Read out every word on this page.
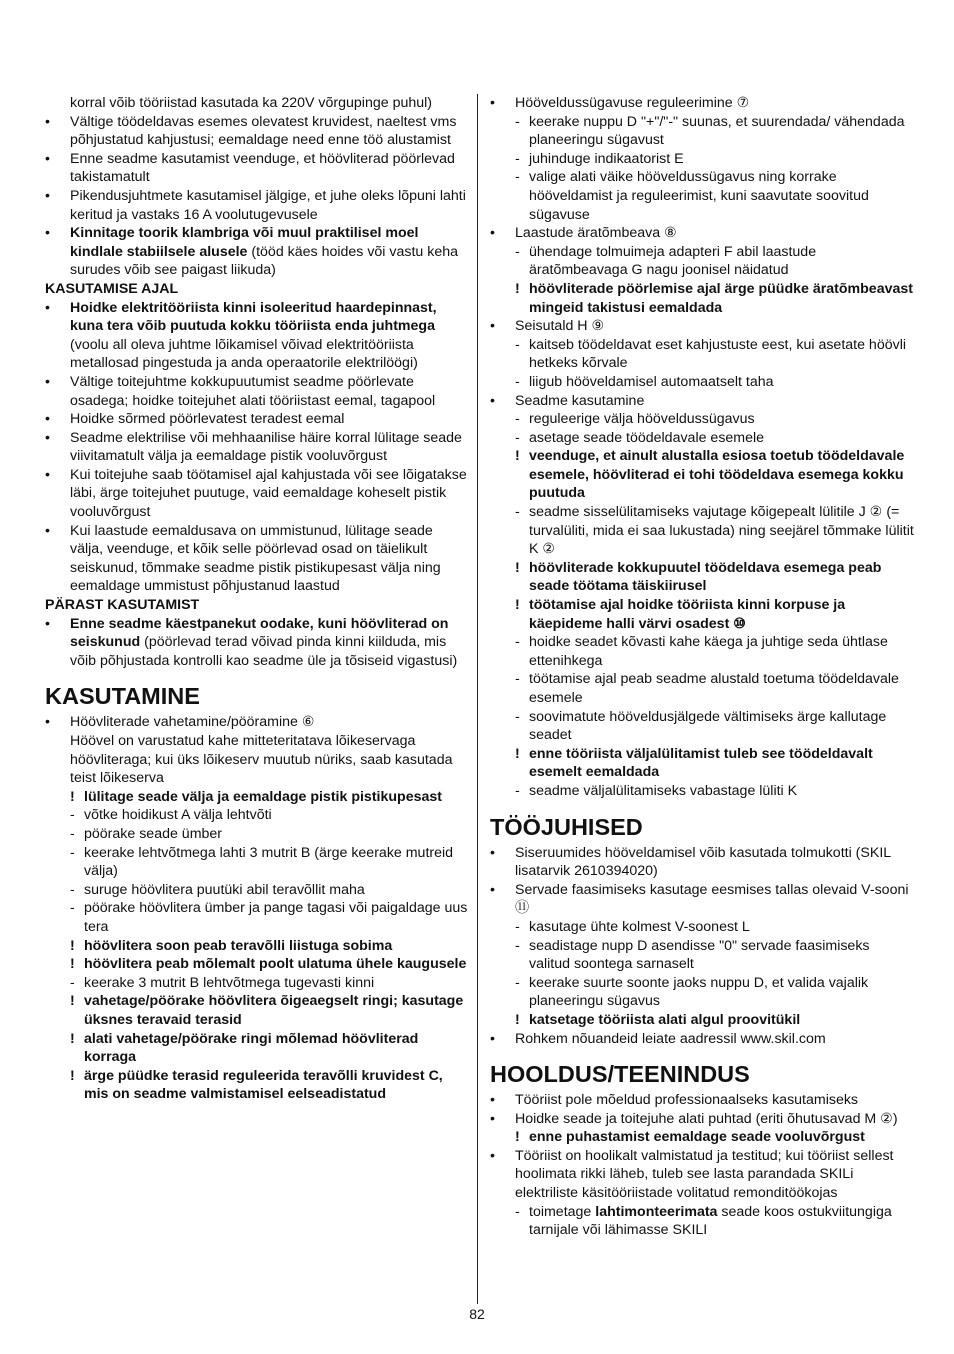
korral võib tööriistad kasutada ka 220V võrgupinge puhul)
• Vältige töödeldavas esemes olevatest kruvidest, naeltest vms põhjustatud kahjustusi; eemaldage need enne töö alustamist
• Enne seadme kasutamist veenduge, et höövliterad pöörlevad takistamatult
• Pikendusjuhtmete kasutamisel jälgige, et juhe oleks lõpuni lahti keritud ja vastaks 16 A voolutugevusele
• Kinnitage toorik klambriga või muul praktilisel moel kindlale stabiilsele alusele (tööd käes hoides või vastu keha surudes võib see paigast liikuda)
KASUTAMISE AJAL
• Hoidke elektritööriista kinni isoleeritud haardepinnast, kuna tera võib puutuda kokku tööriista enda juhtmega (voolu all oleva juhtme lõikamisel võivad elektritööriista metallosad pingestuda ja anda operaatorile elektrilöögi)
• Vältige toitejuhtme kokkupuutumist seadme pöörlevate osadega; hoidke toitejuhet alati tööriistast eemal, tagapool
• Hoidke sõrmed pöörlevatest teradest eemal
• Seadme elektrilise või mehhaanilise häire korral lülitage seade viivitamatult välja ja eemaldage pistik vooluvõrgust
• Kui toitejuhe saab töötamisel ajal kahjustada või see lõigatakse läbi, ärge toitejuhet puutuge, vaid eemaldage koheselt pistik vooluvõrgust
• Kui laastude eemaldusava on ummistunud, lülitage seade välja, veenduge, et kõik selle pöörlevad osad on täielikult seiskunud, tõmmake seadme pistik pistikupesast välja ning eemaldage ummistust põhjustanud laastud
PÄRAST KASUTAMIST
• Enne seadme käestpanekut oodake, kuni höövliterad on seiskunud (pöörlevad terad võivad pinda kinni kiilduda, mis võib põhjustada kontrolli kao seadme üle ja tõsiseid vigastusi)
KASUTAMINE
• Höövliterade vahetamine/pööramine ⑥
Höövel on varustatud kahe mitteteritatava lõikeservaga höövliteraga; kui üks lõikeserv muutub nüriks, saab kasutada teist lõikeserva
! lülitage seade välja ja eemaldage pistik pistikupesast
- võtke hoidikust A välja lehtvõti
- pöörake seade ümber
- keerake lehtvõtmega lahti 3 mutrit B (ärge keerake mutreid välja)
- suruge höövlitera puutüki abil teravõllit maha
- pöörake höövlitera ümber ja pange tagasi või paigaldage uus tera
! höövlitera soon peab teravõlli liistuga sobima
! höövlitera peab mõlemalt poolt ulatuma ühele kaugusele
- keerake 3 mutrit B lehtvõtmega tugevasti kinni
! vahetage/pöörake höövlitera õigeaegselt ringi; kasutage üksnes teravaid terasid
! alati vahetage/pöörake ringi mõlemad höövliterad korraga
! ärge püüdke terasid reguleerida teravõlli kruvidest C, mis on seadme valmistamisel eelseadistatud
• Hööveldussügavuse reguleerimine ⑦
- keerake nuppu D "+"/"-" suunas, et suurendada/ vähendada planeeringu sügavust
- juhinduge indikaatorist E
- valige alati väike hööveldussügavus ning korrake hööveldamist ja reguleerimist, kuni saavutate soovitud sügavuse
• Laastude äratõmbeava ⑧
- ühendage tolmuimeja adapteri F abil laastude äratõmbeavaga G nagu joonisel näidatud
! höövliterade pöörlemise ajal ärge püüdke äratõmbeavast mingeid takistusi eemaldada
• Seisutald H ⑨
- kaitseb töödeldavat eset kahjustuste eest, kui asetate höövli hetkeks kõrvale
- liigub hööveldamisel automaatselt taha
• Seadme kasutamine
- reguleerige välja hööveldussügavus
- asetage seade töödeldavale esemele
! veenduge, et ainult alustalla esiosa toetub töödeldavale esemele, höövliterad ei tohi töödeldava esemega kokku puutuda
- seadme sisselülitamiseks vajutage kõigepealt lülitile J ② (= turvalüliti, mida ei saa lukustada) ning seejärel tõmmake lülitit K ②
! höövliterade kokkupuutel töödeldava esemega peab seade töötama täiskiirusel
! töötamise ajal hoidke tööriista kinni korpuse ja käepideme halli värvi osadest ⑩
- hoidke seadet kõvasti kahe käega ja juhtige seda ühtlase ettenihkega
- töötamise ajal peab seadme alustald toetuma töödeldavale esemele
- soovimatute hööveldusjälgede vältimiseks ärge kallutage seadet
! enne tööriista väljalülitamist tuleb see töödeldavalt esemelt eemaldada
- seadme väljalülitamiseks vabastage lüliti K
TÖÖJUHISED
• Siseruumides hööveldamisel võib kasutada tolmukotti (SKIL lisatarvik 2610394020)
• Servade faasimiseks kasutage eesmises tallas olevaid V-sooni ⑪
- kasutage ühte kolmest V-soonest L
- seadistage nupp D asendisse "0" servade faasimiseks valitud soontega sarnaselt
- keerake suurte soonte jaoks nuppu D, et valida vajalik planeeringu sügavus
! katsetage tööriista alati algul proovitükil
• Rohkem nõuandeid leiate aadressil www.skil.com
HOOLDUS/TEENINDUS
• Tööriist pole mõeldud professionaalseks kasutamiseks
• Hoidke seade ja toitejuhe alati puhtad (eriti õhutusavad M ②)
! enne puhastamist eemaldage seade vooluvõrgust
• Tööriist on hoolikalt valmistatud ja testitud; kui tööriist sellest hoolimata rikki läheb, tuleb see lasta parandada SKILi elektriliste käsitööriistade volitatud remonditöökojas
- toimetage lahtimonteerimata seade koos ostukviitungiga tarnijale või lähimasse SKILI
82
